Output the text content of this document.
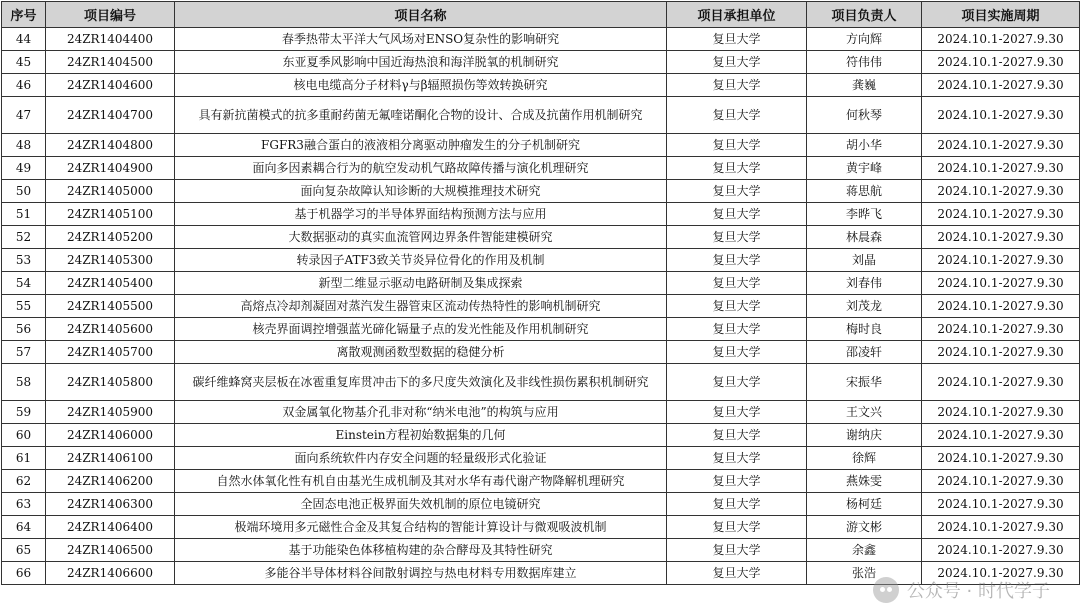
序号	项目编号	项目名称	项目承担单位	项目负责人	项目实施周期
44	24ZR1404400	春季热带太平洋大气风场对ENSO复杂性的影响研究	复旦大学	方向辉	2024.10.1-2027.9.30
45	24ZR1404500	东亚夏季风影响中国近海热浪和海洋脱氧的机制研究	复旦大学	符伟伟	2024.10.1-2027.9.30
46	24ZR1404600	核电电缆高分子材料γ与β辐照损伤等效转换研究	复旦大学	龚巍	2024.10.1-2027.9.30
47	24ZR1404700	具有新抗菌模式的抗多重耐药菌无氟喹诺酮化合物的设计、合成及抗菌作用机制研究	复旦大学	何秋琴	2024.10.1-2027.9.30
48	24ZR1404800	FGFR3融合蛋白的液液相分离驱动肿瘤发生的分子机制研究	复旦大学	胡小华	2024.10.1-2027.9.30
49	24ZR1404900	面向多因素耦合行为的航空发动机气路故障传播与演化机理研究	复旦大学	黄宇峰	2024.10.1-2027.9.30
50	24ZR1405000	面向复杂故障认知诊断的大规模推理技术研究	复旦大学	蒋思航	2024.10.1-2027.9.30
51	24ZR1405100	基于机器学习的半导体界面结构预测方法与应用	复旦大学	李晔飞	2024.10.1-2027.9.30
52	24ZR1405200	大数据驱动的真实血流管网边界条件智能建模研究	复旦大学	林晨森	2024.10.1-2027.9.30
53	24ZR1405300	转录因子ATF3致关节炎异位骨化的作用及机制	复旦大学	刘晶	2024.10.1-2027.9.30
54	24ZR1405400	新型二维显示驱动电路研制及集成探索	复旦大学	刘春伟	2024.10.1-2027.9.30
55	24ZR1405500	高熔点冷却剂凝固对蒸汽发生器管束区流动传热特性的影响机制研究	复旦大学	刘茂龙	2024.10.1-2027.9.30
56	24ZR1405600	核壳界面调控增强蓝光碲化镉量子点的发光性能及作用机制研究	复旦大学	梅时良	2024.10.1-2027.9.30
57	24ZR1405700	离散观测函数型数据的稳健分析	复旦大学	邵凌轩	2024.10.1-2027.9.30
58	24ZR1405800	碳纤维蜂窝夹层板在冰雹重复库贯冲击下的多尺度失效演化及非线性损伤累积机制研究	复旦大学	宋振华	2024.10.1-2027.9.30
59	24ZR1405900	双金属氧化物基介孔非对称“纳米电池”的构筑与应用	复旦大学	王文兴	2024.10.1-2027.9.30
60	24ZR1406000	Einstein方程初始数据集的几何	复旦大学	谢纳庆	2024.10.1-2027.9.30
61	24ZR1406100	面向系统软件内存安全问题的轻量级形式化验证	复旦大学	徐辉	2024.10.1-2027.9.30
62	24ZR1406200	自然水体氧化性有机自由基光生成机制及其对水华有毒代谢产物降解机理研究	复旦大学	燕姝雯	2024.10.1-2027.9.30
63	24ZR1406300	全固态电池正极界面失效机制的原位电镜研究	复旦大学	杨柯廷	2024.10.1-2027.9.30
64	24ZR1406400	极端环境用多元磁性合金及其复合结构的智能计算设计与微观吸波机制	复旦大学	游文彬	2024.10.1-2027.9.30
65	24ZR1406500	基于功能染色体移植构建的杂合酵母及其特性研究	复旦大学	余鑫	2024.10.1-2027.9.30
66	24ZR1406600	多能谷半导体材料谷间散射调控与热电材料专用数据库建立	复旦大学	张浩	2024.10.1-2027.9.30
公众号 · 时代学子
